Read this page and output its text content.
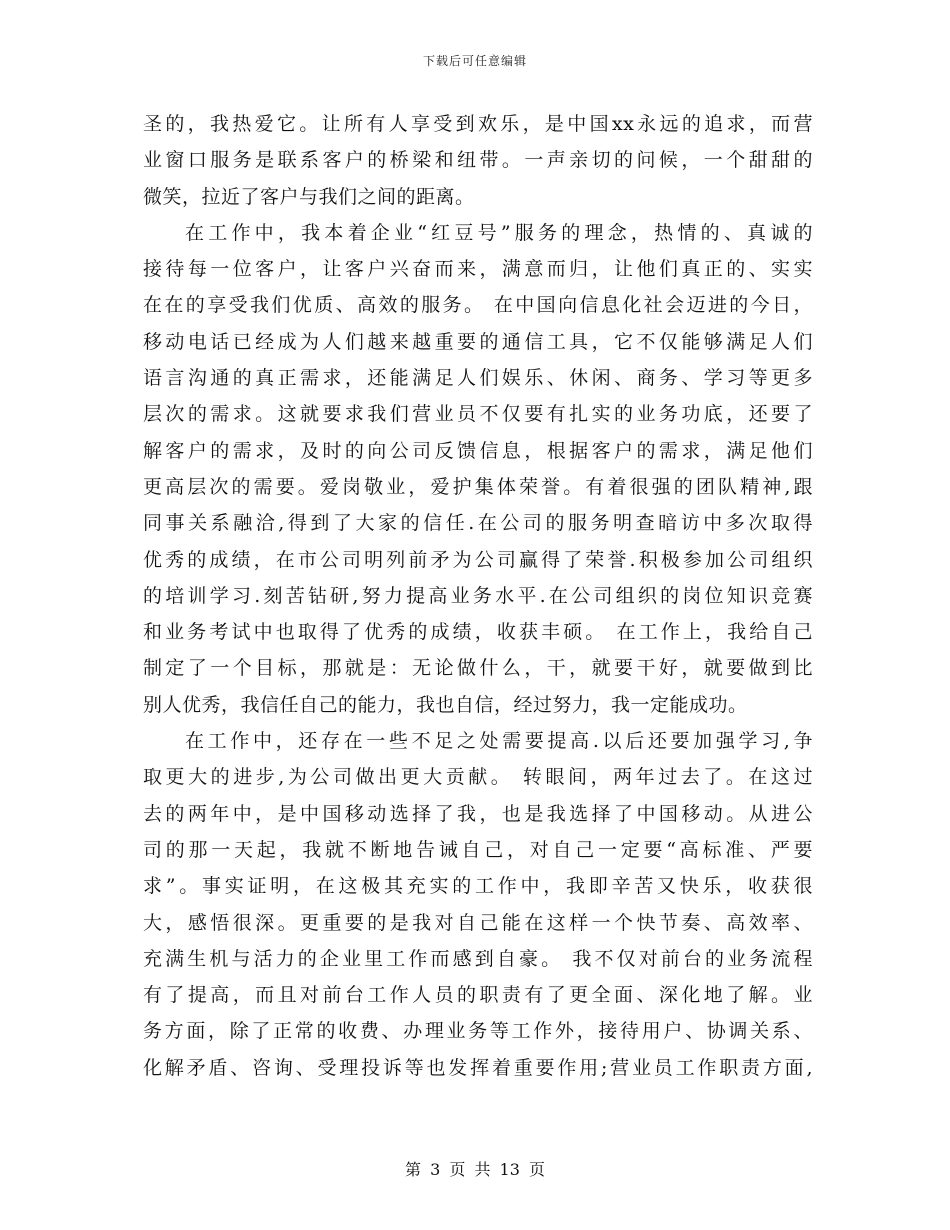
下载后可任意编辑
圣的，我热爱它。让所有人享受到欢乐，是中国xx永远的追求，而营
业窗口服务是联系客户的桥梁和纽带。一声亲切的问候，一个甜甜的
微笑，拉近了客户与我们之间的距离。
在工作中，我本着企业“红豆号”服务的理念，热情的、真诚的
接待每一位客户，让客户兴奋而来，满意而归，让他们真正的、实实
在在的享受我们优质、高效的服务。 在中国向信息化社会迈进的今日，
移动电话已经成为人们越来越重要的通信工具，它不仅能够满足人们
语言沟通的真正需求，还能满足人们娱乐、休闲、商务、学习等更多
层次的需求。这就要求我们营业员不仅要有扎实的业务功底，还要了
解客户的需求，及时的向公司反馈信息，根据客户的需求，满足他们
更高层次的需要。爱岗敬业，爱护集体荣誉。有着很强的团队精神,跟
同事关系融洽,得到了大家的信任.在公司的服务明查暗访中多次取得
优秀的成绩，在市公司明列前矛为公司赢得了荣誉.积极参加公司组织
的培训学习.刻苦钻研,努力提高业务水平.在公司组织的岗位知识竞赛
和业务考试中也取得了优秀的成绩，收获丰硕。 在工作上，我给自己
制定了一个目标，那就是：无论做什么，干，就要干好，就要做到比
别人优秀，我信任自己的能力，我也自信，经过努力，我一定能成功。
在工作中，还存在一些不足之处需要提高.以后还要加强学习,争
取更大的进步,为公司做出更大贡献。 转眼间，两年过去了。在这过
去的两年中，是中国移动选择了我，也是我选择了中国移动。从进公
司的那一天起，我就不断地告诫自己，对自己一定要“高标准、严要
求”。事实证明，在这极其充实的工作中，我即辛苦又快乐，收获很
大，感悟很深。更重要的是我对自己能在这样一个快节奏、高效率、
充满生机与活力的企业里工作而感到自豪。 我不仅对前台的业务流程
有了提高，而且对前台工作人员的职责有了更全面、深化地了解。业
务方面，除了正常的收费、办理业务等工作外，接待用户、协调关系、
化解矛盾、咨询、受理投诉等也发挥着重要作用;营业员工作职责方面,
第 3 页 共 13 页
